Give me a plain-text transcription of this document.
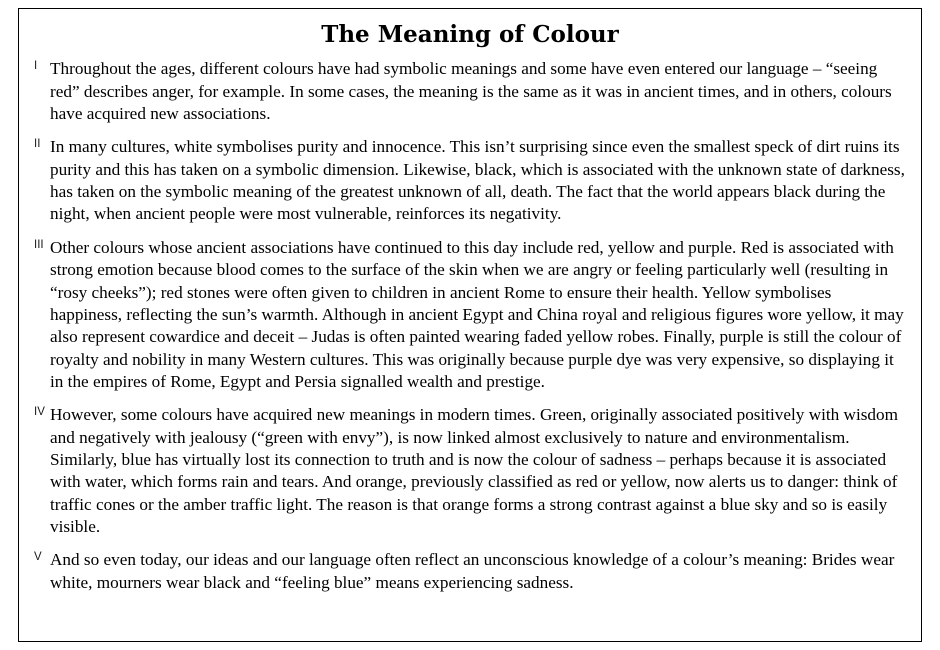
The Meaning of Colour
I Throughout the ages, different colours have had symbolic meanings and some have even entered our language – “seeing red” describes anger, for example. In some cases, the meaning is the same as it was in ancient times, and in others, colours have acquired new associations.

II In many cultures, white symbolises purity and innocence. This isn’t surprising since even the smallest speck of dirt ruins its purity and this has taken on a symbolic dimension. Likewise, black, which is associated with the unknown state of darkness, has taken on the symbolic meaning of the greatest unknown of all, death. The fact that the world appears black during the night, when ancient people were most vulnerable, reinforces its negativity.

III Other colours whose ancient associations have continued to this day include red, yellow and purple. Red is associated with strong emotion because blood comes to the surface of the skin when we are angry or feeling particularly well (resulting in “rosy cheeks”); red stones were often given to children in ancient Rome to ensure their health. Yellow symbolises happiness, reflecting the sun’s warmth. Although in ancient Egypt and China royal and religious figures wore yellow, it may also represent cowardice and deceit – Judas is often painted wearing faded yellow robes. Finally, purple is still the colour of royalty and nobility in many Western cultures. This was originally because purple dye was very expensive, so displaying it in the empires of Rome, Egypt and Persia signalled wealth and prestige.

IV However, some colours have acquired new meanings in modern times. Green, originally associated positively with wisdom and negatively with jealousy (“green with envy”), is now linked almost exclusively to nature and environmentalism. Similarly, blue has virtually lost its connection to truth and is now the colour of sadness – perhaps because it is associated with water, which forms rain and tears. And orange, previously classified as red or yellow, now alerts us to danger: think of traffic cones or the amber traffic light. The reason is that orange forms a strong contrast against a blue sky and so is easily visible.

V And so even today, our ideas and our language often reflect an unconscious knowledge of a colour’s meaning: Brides wear white, mourners wear black and “feeling blue” means experiencing sadness.
